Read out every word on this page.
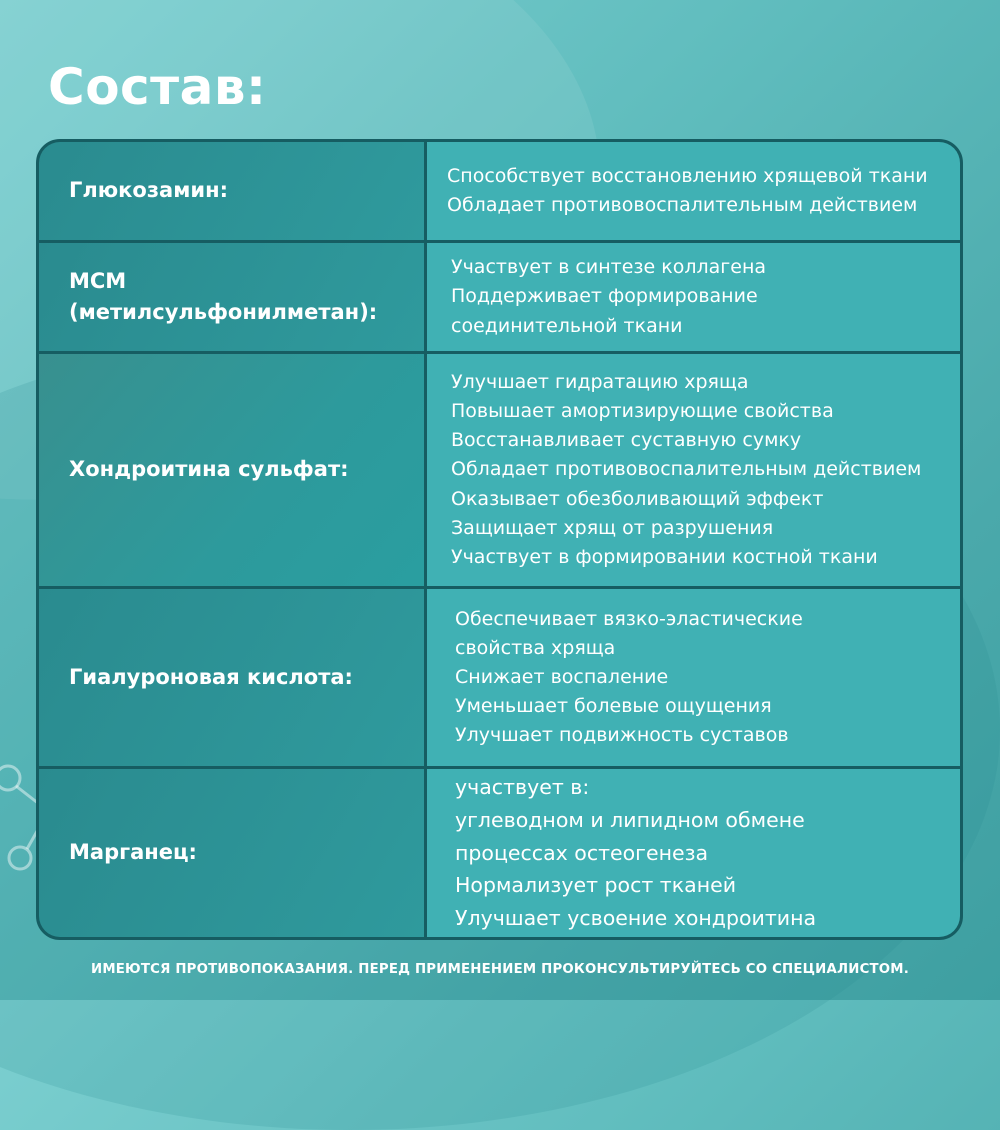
Состав:
Глюкозамин:
Способствует восстановлению хрящевой ткани
Обладает противовоспалительным действием
МСМ
(метилсульфонилметан):
Участвует в синтезе коллагена
Поддерживает формирование
соединительной ткани
Хондроитина сульфат:
Улучшает гидратацию хряща
Повышает амортизирующие свойства
Восстанавливает суставную сумку
Обладает противовоспалительным действием
Оказывает обезболивающий эффект
Защищает хрящ от разрушения
Участвует в формировании костной ткани
Гиалуроновая кислота:
Обеспечивает вязко-эластические
свойства хряща
Снижает воспаление
Уменьшает болевые ощущения
Улучшает подвижность суставов
Марганец:
участвует в:
углеводном и липидном обмене
процессах остеогенеза
Нормализует рост тканей
Улучшает усвоение хондроитина

ИМЕЮТСЯ ПРОТИВОПОКАЗАНИЯ. ПЕРЕД ПРИМЕНЕНИЕМ ПРОКОНСУЛЬТИРУЙТЕСЬ СО СПЕЦИАЛИСТОМ.
